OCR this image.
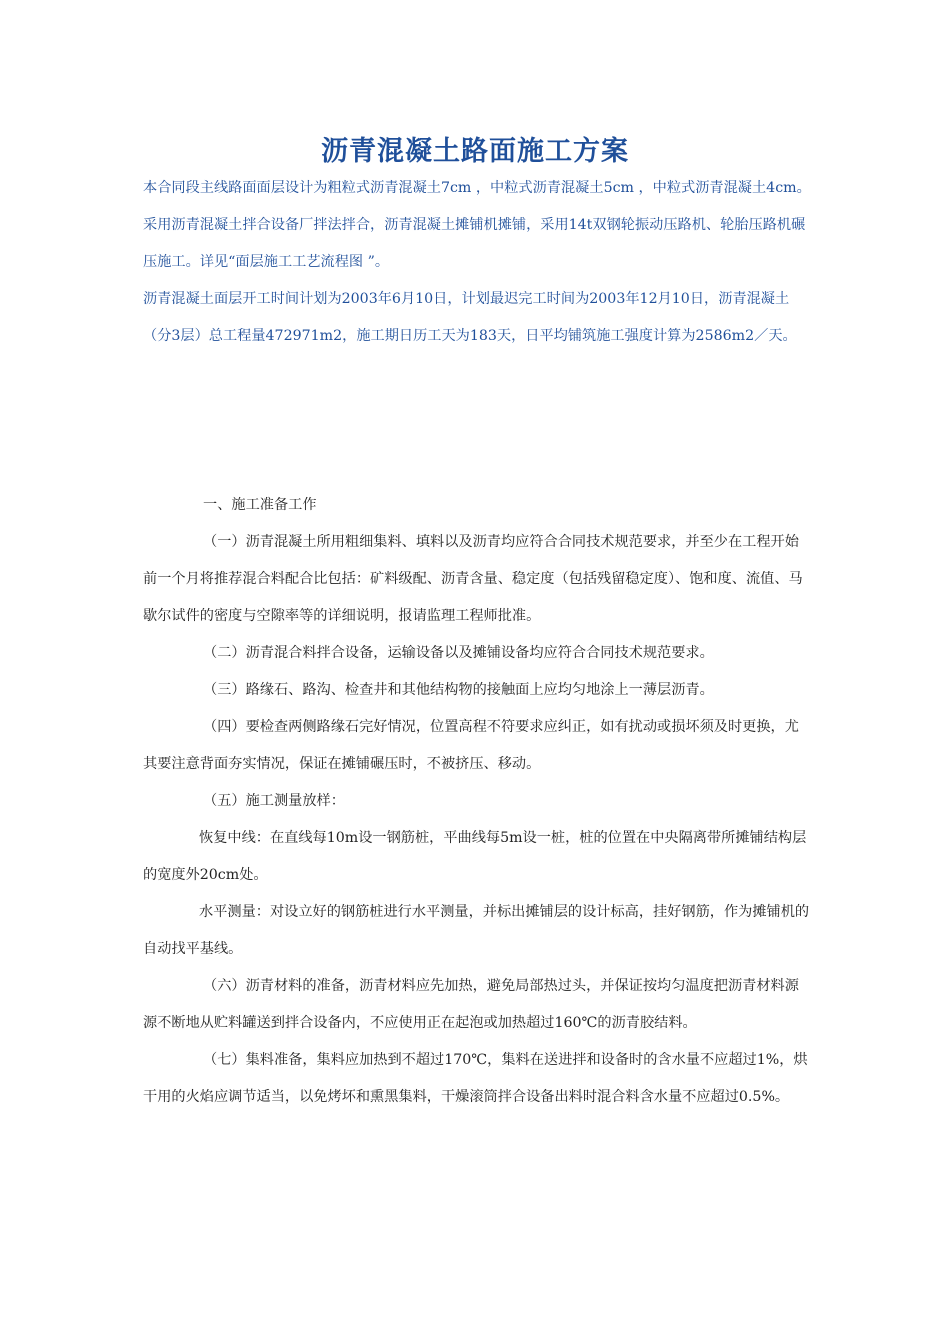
沥青混凝土路面施工方案

本合同段主线路面面层设计为粗粒式沥青混凝土7cm ，中粒式沥青混凝土5cm ，中粒式沥青混凝土4cm。

采用沥青混凝土拌合设备厂拌法拌合，沥青混凝土摊铺机摊铺，采用14t双钢轮振动压路机、轮胎压路机碾压施工。详见“面层施工工艺流程图 ”。

沥青混凝土面层开工时间计划为2003年6月10日，计划最迟完工时间为2003年12月10日，沥青混凝土（分3层）总工程量472971m2，施工期日历工天为183天，日平均铺筑施工强度计算为2586m2／天。

一、施工准备工作

（一）沥青混凝土所用粗细集料、填料以及沥青均应符合合同技术规范要求，并至少在工程开始前一个月将推荐混合料配合比包括：矿料级配、沥青含量、稳定度（包括残留稳定度）、饱和度、流值、马歇尔试件的密度与空隙率等的详细说明，报请监理工程师批准。

（二）沥青混合料拌合设备，运输设备以及摊铺设备均应符合合同技术规范要求。

（三）路缘石、路沟、检查井和其他结构物的接触面上应均匀地涂上一薄层沥青。

（四）要检查两侧路缘石完好情况，位置高程不符要求应纠正，如有扰动或损坏须及时更换，尤其要注意背面夯实情况，保证在摊铺碾压时，不被挤压、移动。

（五）施工测量放样：

恢复中线：在直线每10m设一钢筋桩，平曲线每5m设一桩，桩的位置在中央隔离带所摊铺结构层的宽度外20cm处。

水平测量：对设立好的钢筋桩进行水平测量，并标出摊铺层的设计标高，挂好钢筋，作为摊铺机的自动找平基线。

（六）沥青材料的准备，沥青材料应先加热，避免局部热过头，并保证按均匀温度把沥青材料源源不断地从贮料罐送到拌合设备内，不应使用正在起泡或加热超过160℃的沥青胶结料。

（七）集料准备，集料应加热到不超过170℃，集料在送进拌和设备时的含水量不应超过1%，烘干用的火焰应调节适当，以免烤坏和熏黑集料，干燥滚筒拌合设备出料时混合料含水量不应超过0.5%。
